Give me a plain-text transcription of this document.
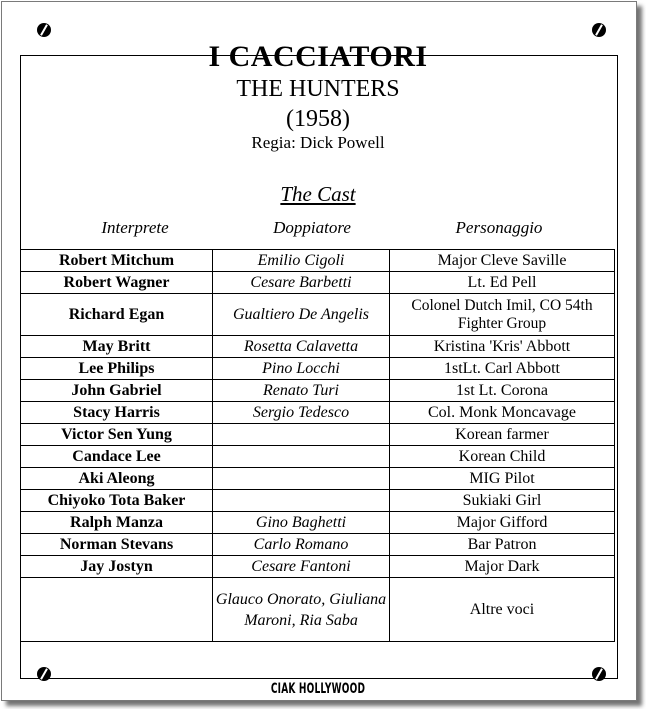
I CACCIATORI
THE HUNTERS
(1958)
Regia: Dick Powell
The Cast
Interprete	Doppiatore	Personaggio
Robert Mitchum	Emilio Cigoli	Major Cleve Saville
Robert Wagner	Cesare Barbetti	Lt. Ed Pell
Richard Egan	Gualtiero De Angelis	Colonel Dutch Imil, CO 54th Fighter Group
May Britt	Rosetta Calavetta	Kristina 'Kris' Abbott
Lee Philips	Pino Locchi	1stLt. Carl Abbott
John Gabriel	Renato Turi	1st Lt. Corona
Stacy Harris	Sergio Tedesco	Col. Monk Moncavage
Victor Sen Yung		Korean farmer
Candace Lee		Korean Child
Aki Aleong		MIG Pilot
Chiyoko Tota Baker		Sukiaki Girl
Ralph Manza	Gino Baghetti	Major Gifford
Norman Stevans	Carlo Romano	Bar Patron
Jay Jostyn	Cesare Fantoni	Major Dark
	Glauco Onorato, Giuliana Maroni, Ria Saba	Altre voci
CIAK HOLLYWOOD
